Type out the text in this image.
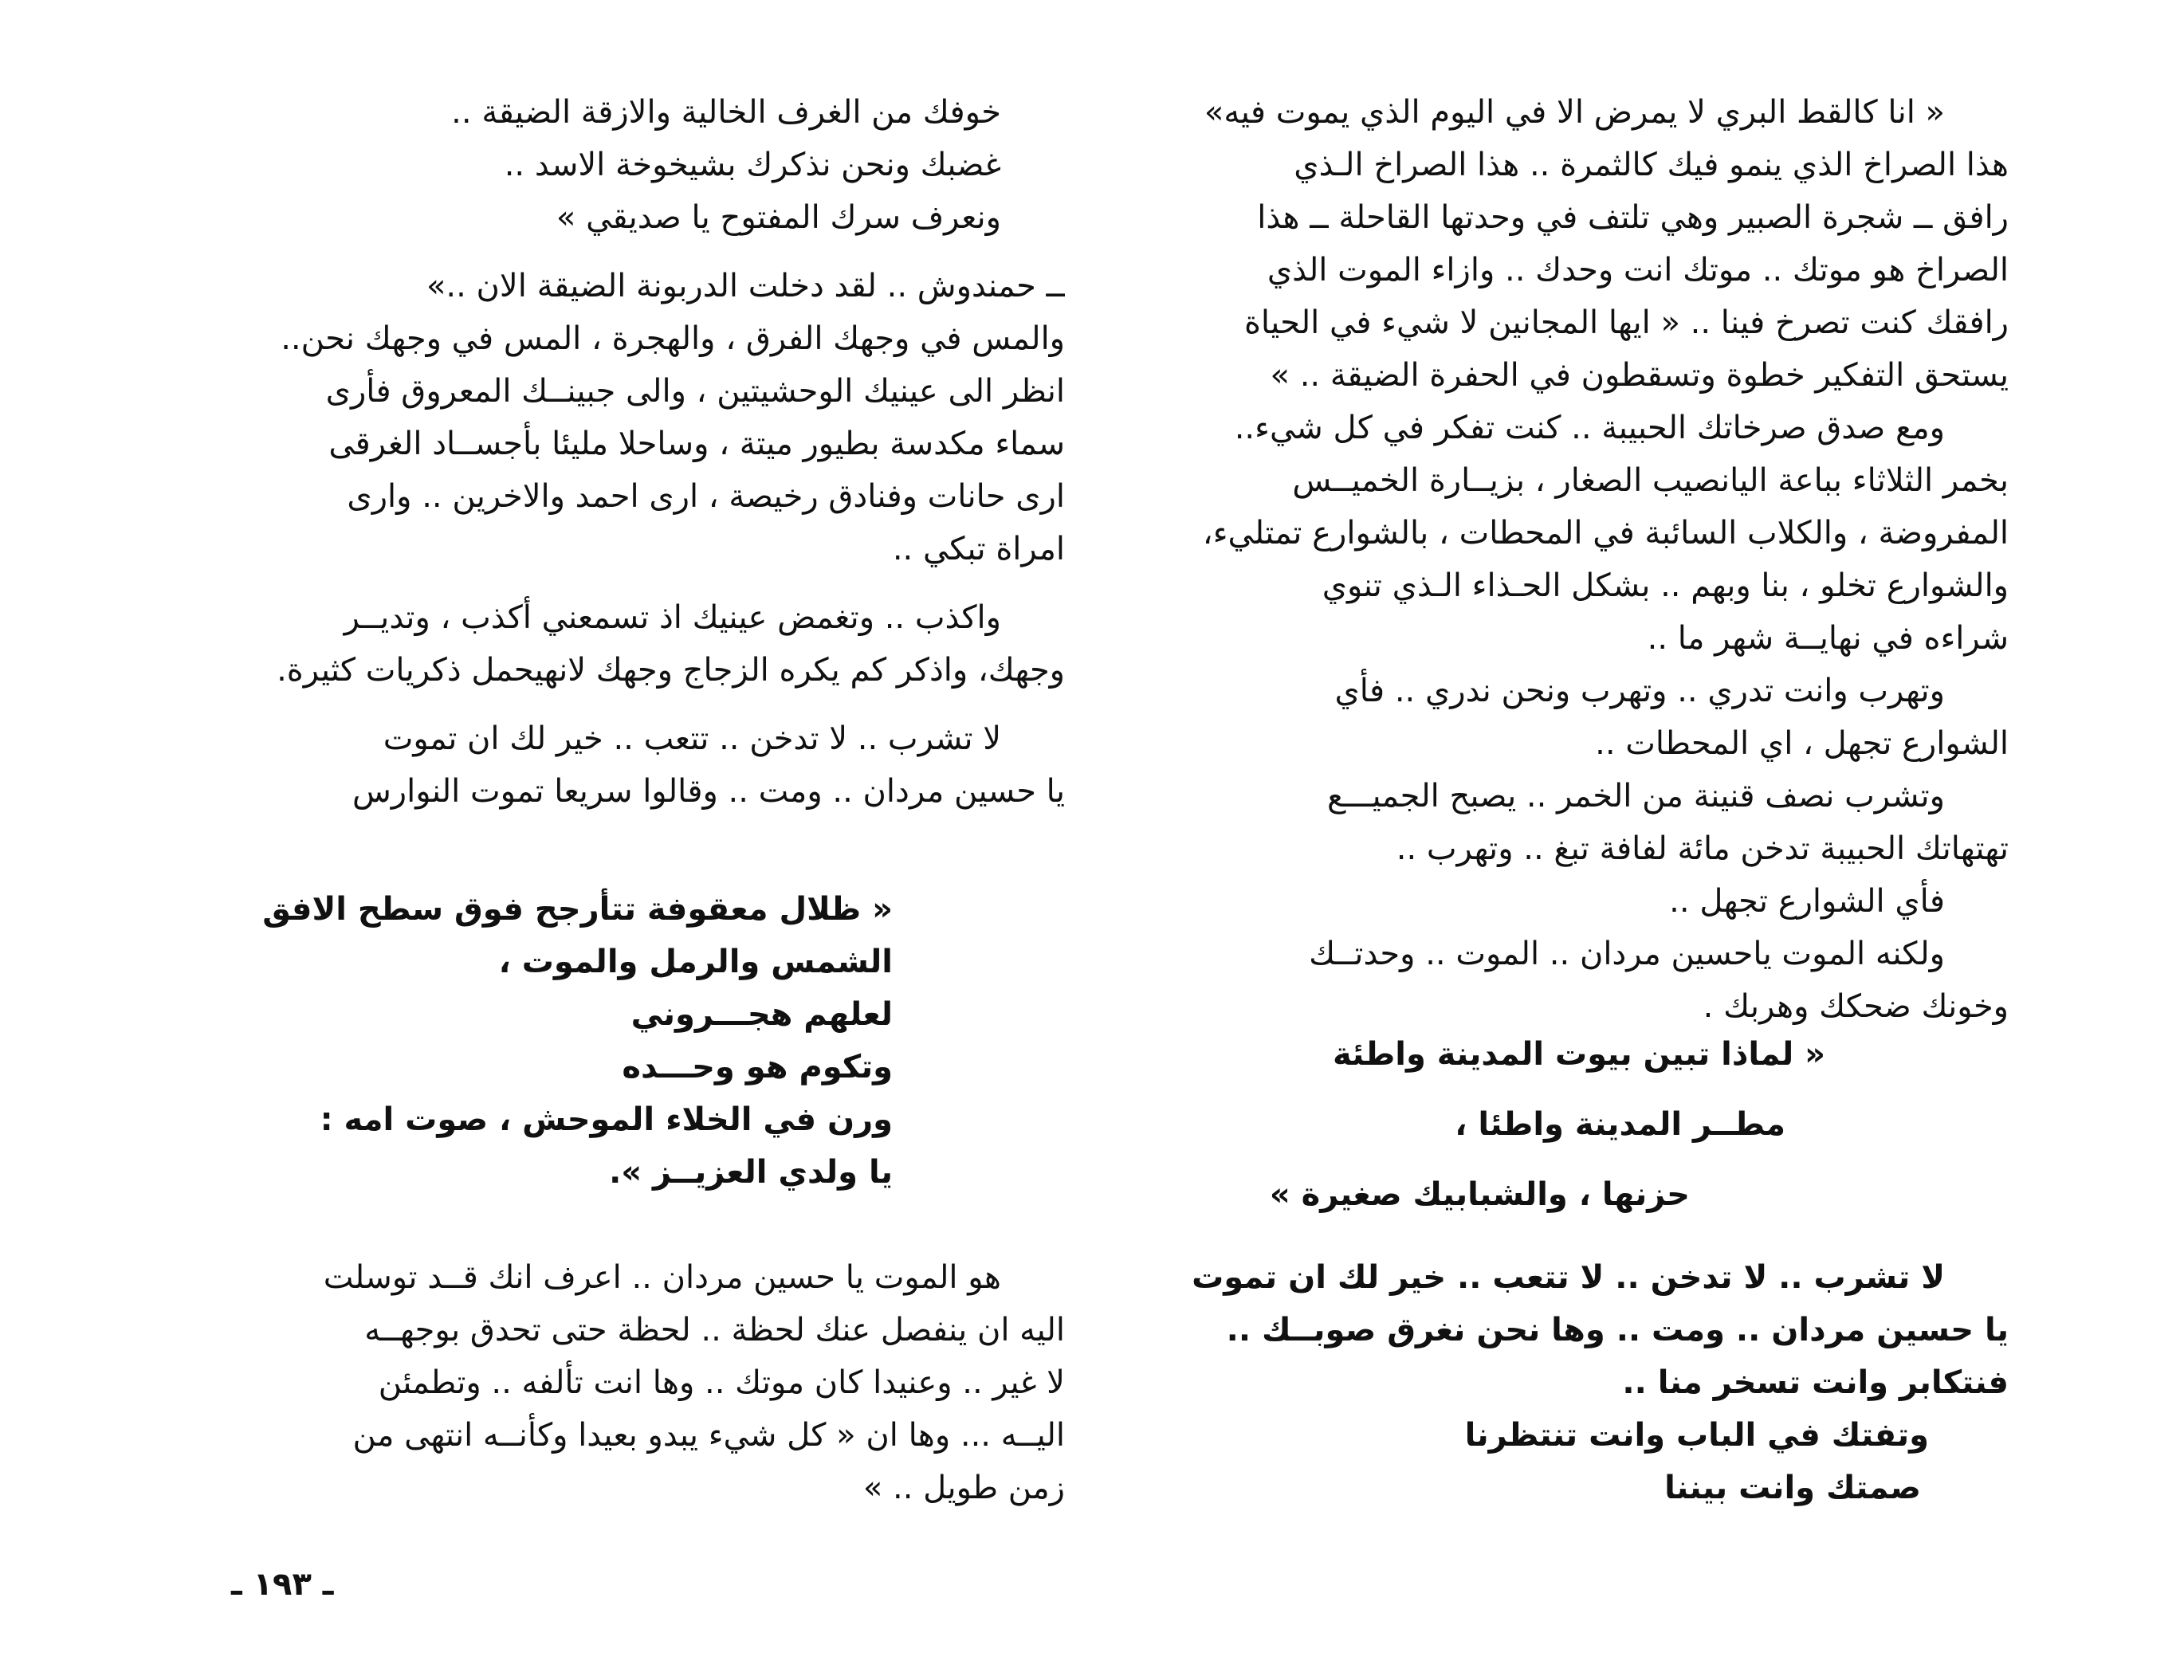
« انا كالقط البري لا يمرض الا في اليوم الذي يموت فيه»
هذا الصراخ الذي ينمو فيك كالثمرة .. هذا الصراخ الـذي
رافق ــ شجرة الصبير وهي تلتف في وحدتها القاحلة ــ هذا
الصراخ هو موتك .. موتك انت وحدك .. وازاء الموت الذي
رافقك كنت تصرخ فينا .. « ايها المجانين لا شيء في الحياة
يستحق التفكير خطوة وتسقطون في الحفرة الضيقة .. »
ومع صدق صرخاتك الحبيبة .. كنت تفكر في كل شيء..
بخمر الثلاثاء بباعة اليانصيب الصغار ، بزيــارة الخميــس
المفروضة ، والكلاب السائبة في المحطات ، بالشوارع تمتليء،
والشوارع تخلو ، بنا وبهم .. بشكل الحـذاء الـذي تنوي
شراءه في نهايــة شهر ما ..
وتهرب وانت تدري .. وتهرب ونحن ندري .. فأي
الشوارع تجهل ، اي المحطات ..
وتشرب نصف قنينة من الخمر .. يصبح الجميـــع
تهتهاتك الحبيبة تدخن مائة لفافة تبغ .. وتهرب ..
فأي الشوارع تجهل ..
ولكنه الموت ياحسين مردان .. الموت .. وحدتــك
وخونك ضحكك وهربك .
« لماذا تبين بيوت المدينة واطئة
مطــر المدينة واطئا ،
حزنها ، والشبابيك صغيرة »
لا تشرب .. لا تدخن .. لا تتعب .. خير لك ان تموت
يا حسين مردان .. ومت .. وها نحن نغرق صوبــك ..
فنتكابر وانت تسخر منا ..
وتفتك في الباب وانت تنتظرنا
صمتك وانت بيننا
خوفك من الغرف الخالية والازقة الضيقة ..
غضبك ونحن نذكرك بشيخوخة الاسد ..
ونعرف سرك المفتوح يا صديقي »
ــ حمندوش .. لقد دخلت الدربونة الضيقة الان ..»
والمس في وجهك الفرق ، والهجرة ، المس في وجهك نحن..
انظر الى عينيك الوحشيتين ، والى جبينــك المعروق فأرى
سماء مكدسة بطيور ميتة ، وساحلا مليئا بأجســاد الغرقى
ارى حانات وفنادق رخيصة ، ارى احمد والاخرين .. وارى
امراة تبكي ..
واكذب .. وتغمض عينيك اذ تسمعني أكذب ، وتديــر
وجهك، واذكر كم يكره الزجاج وجهك لانهيحمل ذكريات كثيرة.
لا تشرب .. لا تدخن .. تتعب .. خير لك ان تموت
يا حسين مردان .. ومت .. وقالوا سريعا تموت النوارس
« ظلال معقوفة تتأرجح فوق سطح الافق
الشمس والرمل والموت ،
لعلهم هجـــروني
وتكوم هو وحـــده
ورن في الخلاء الموحش ، صوت امه :
يا ولدي العزيــز ».
هو الموت يا حسين مردان .. اعرف انك قــد توسلت
اليه ان ينفصل عنك لحظة .. لحظة حتى تحدق بوجهــه
لا غير .. وعنيدا كان موتك .. وها انت تألفه .. وتطمئن
اليــه ... وها ان « كل شيء يبدو بعيدا وكأنــه انتهى من
زمن طويل .. »
ـ ١٩٣ ـ
